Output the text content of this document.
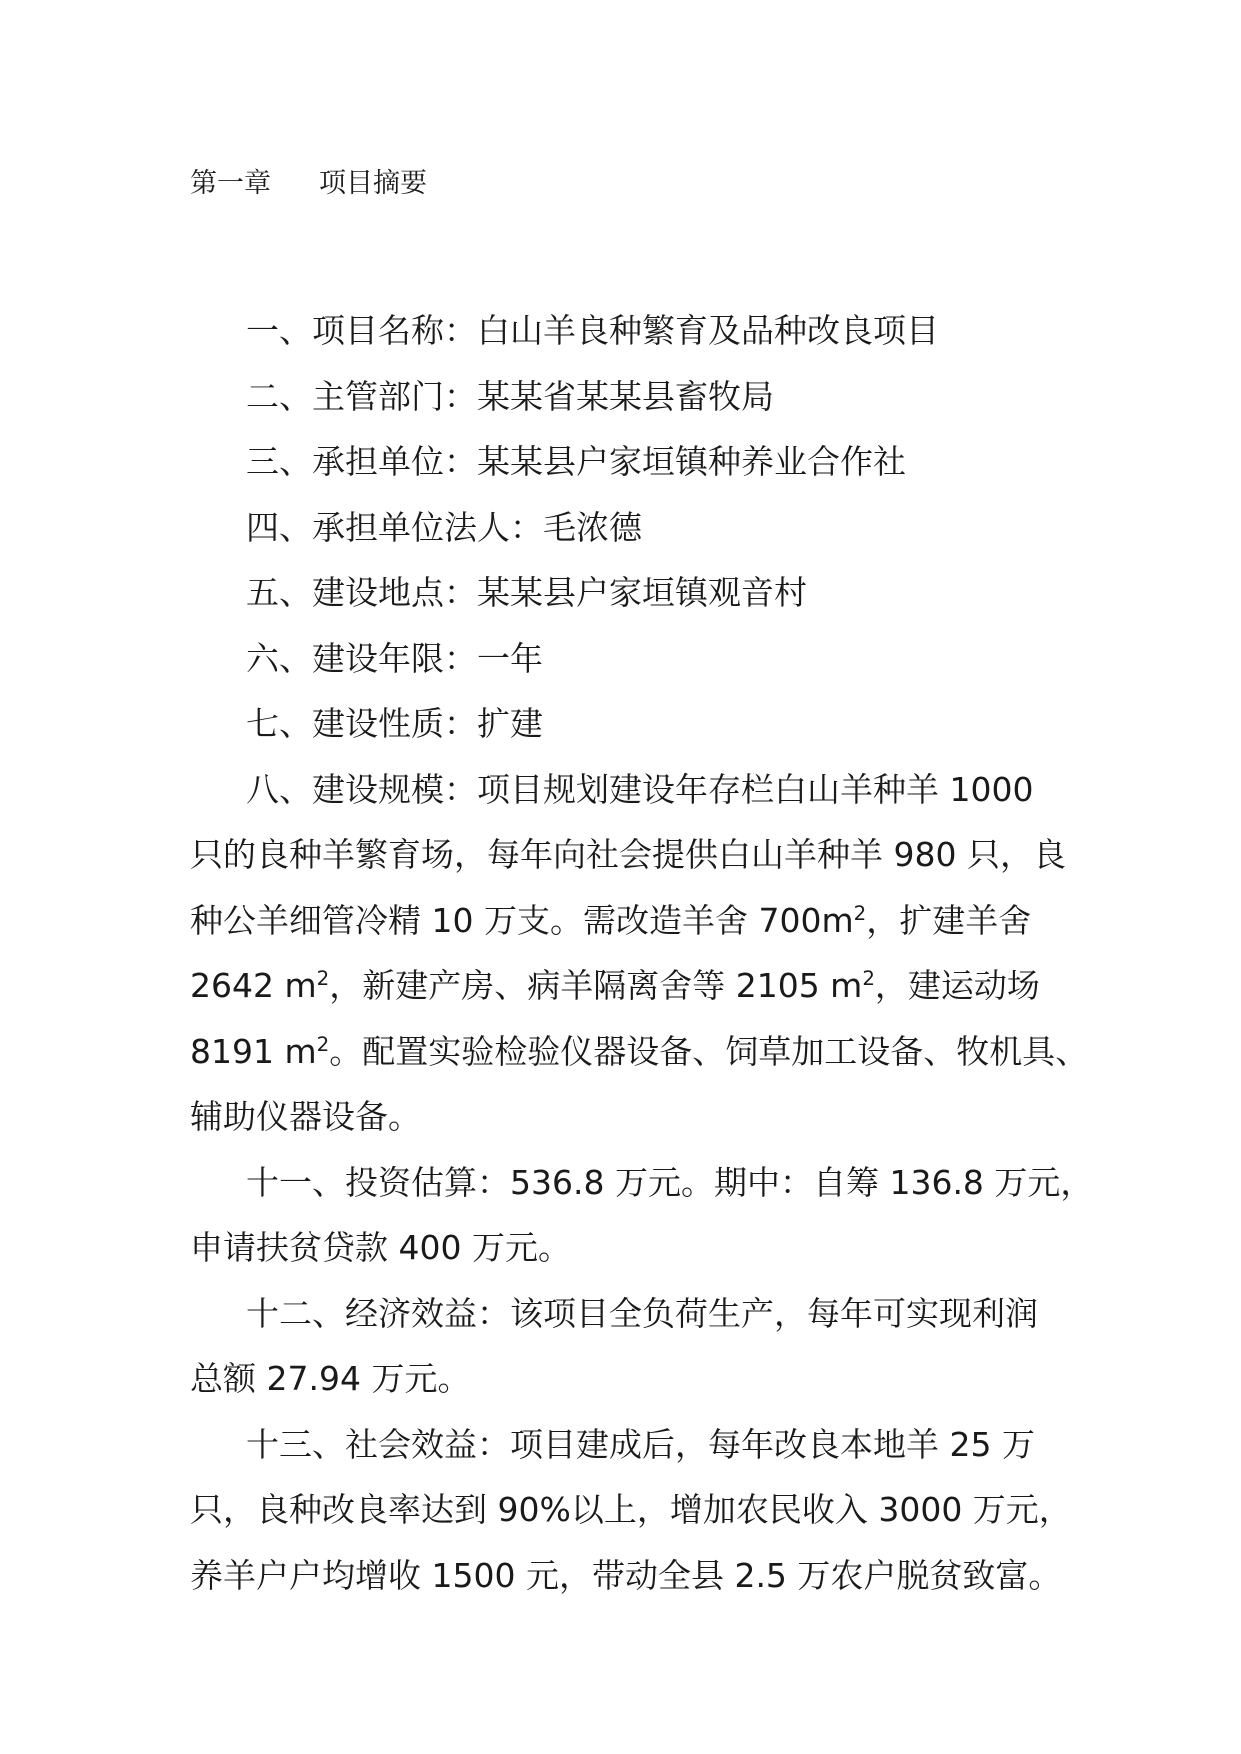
第一章 项目摘要
一、项目名称：白山羊良种繁育及品种改良项目
二、主管部门：某某省某某县畜牧局
三、承担单位：某某县户家垣镇种养业合作社
四、承担单位法人：毛浓德
五、建设地点：某某县户家垣镇观音村
六、建设年限：一年
七、建设性质：扩建
八、建设规模：项目规划建设年存栏白山羊种羊 1000
只的良种羊繁育场，每年向社会提供白山羊种羊 980 只，良
种公羊细管冷精 10 万支。需改造羊舍 $700m^2$，扩建羊舍
2642 $m^2$，新建产房、病羊隔离舍等 2105 $m^2$，建运动场
8191 $m^2$。配置实验检验仪器设备、饲草加工设备、牧机具、
辅助仪器设备。
十一、投资估算：536.8 万元。期中：自筹 136.8 万元，
申请扶贫贷款 400 万元。
十二、经济效益：该项目全负荷生产，每年可实现利润
总额 27.94 万元。
十三、社会效益：项目建成后，每年改良本地羊 25 万
只，良种改良率达到 90%以上，增加农民收入 3000 万元，
养羊户户均增收 1500 元，带动全县 2.5 万农户脱贫致富。
